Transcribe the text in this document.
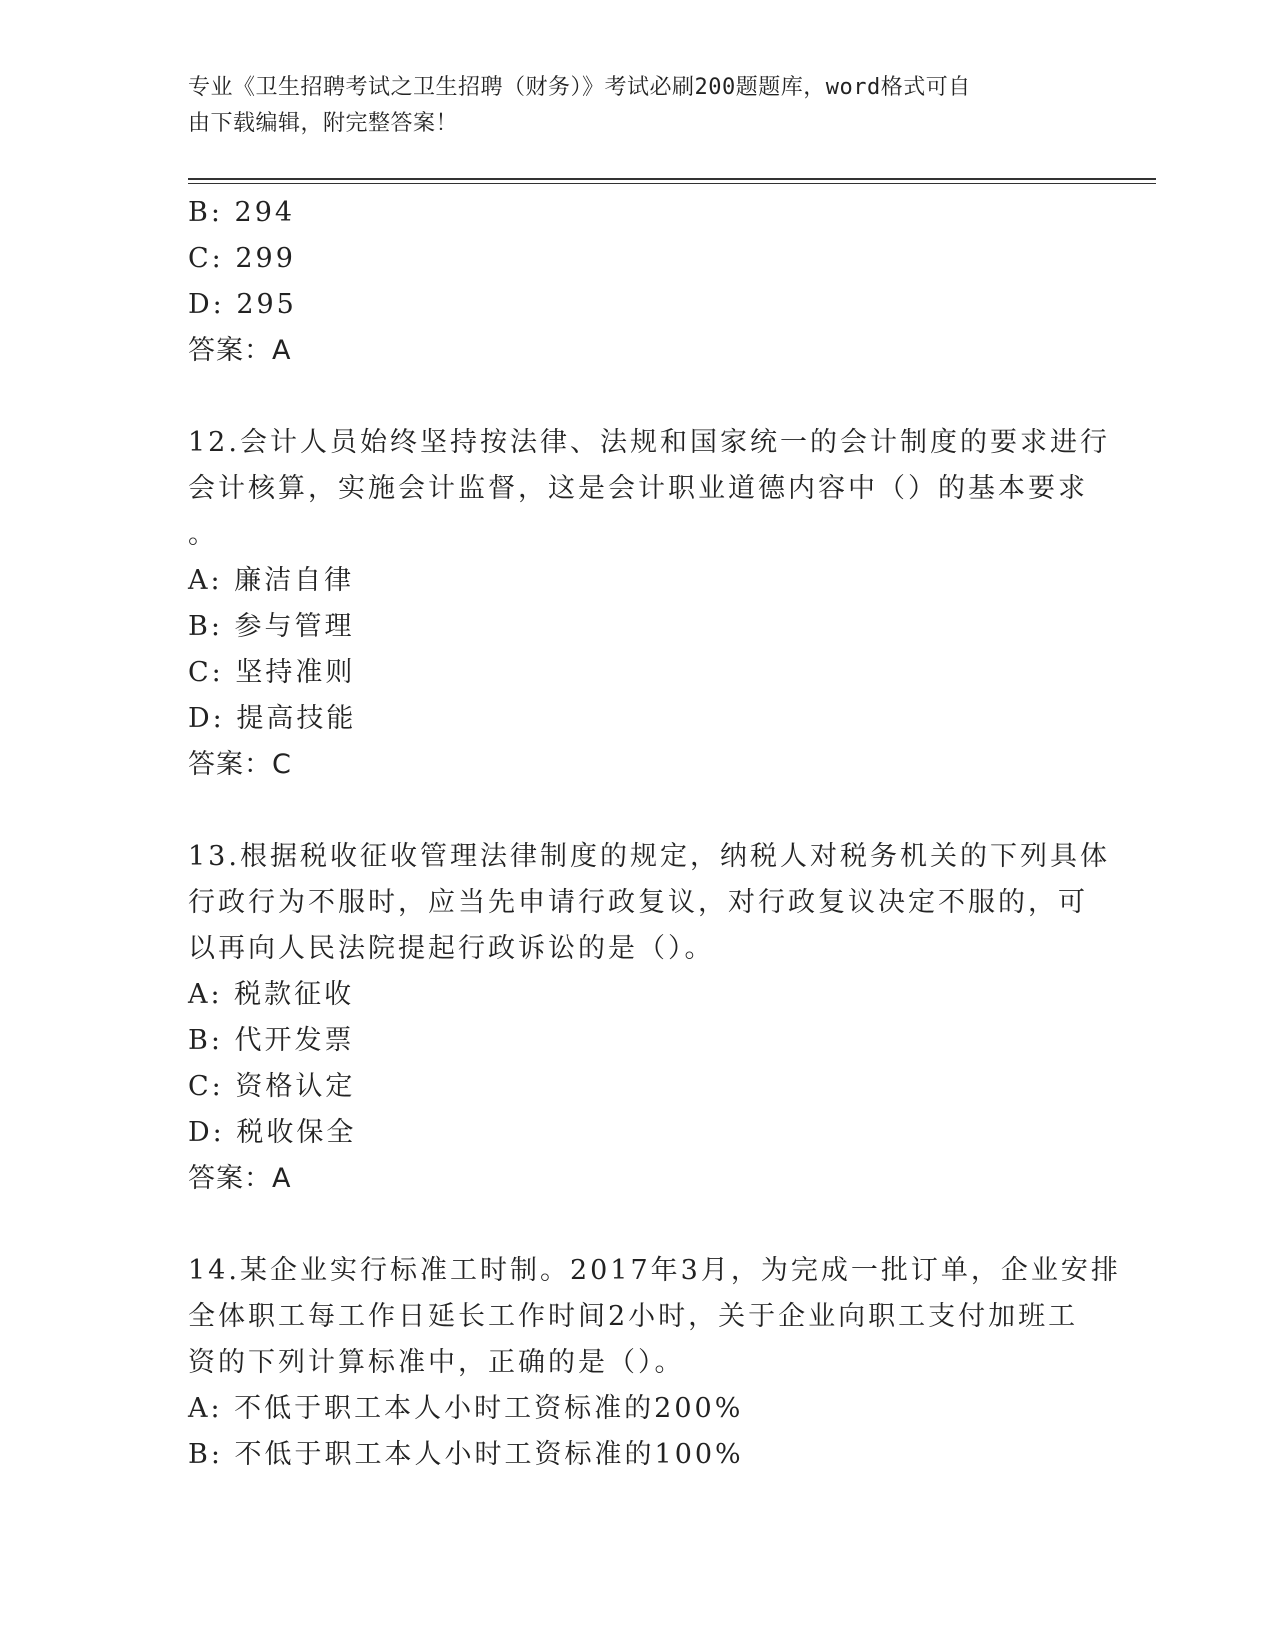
专业《卫生招聘考试之卫生招聘（财务）》考试必刷200题题库，word格式可自
由下载编辑，附完整答案！
B: 294
C: 299
D: 295
答案：A
12.会计人员始终坚持按法律、法规和国家统一的会计制度的要求进行
会计核算，实施会计监督，这是会计职业道德内容中（）的基本要求
。
A: 廉洁自律
B: 参与管理
C: 坚持准则
D: 提高技能
答案：C
13.根据税收征收管理法律制度的规定，纳税人对税务机关的下列具体
行政行为不服时，应当先申请行政复议，对行政复议决定不服的，可
以再向人民法院提起行政诉讼的是（）。
A: 税款征收
B: 代开发票
C: 资格认定
D: 税收保全
答案：A
14.某企业实行标准工时制。2017年3月，为完成一批订单，企业安排
全体职工每工作日延长工作时间2小时，关于企业向职工支付加班工
资的下列计算标准中，正确的是（）。
A: 不低于职工本人小时工资标准的200%
B: 不低于职工本人小时工资标准的100%
